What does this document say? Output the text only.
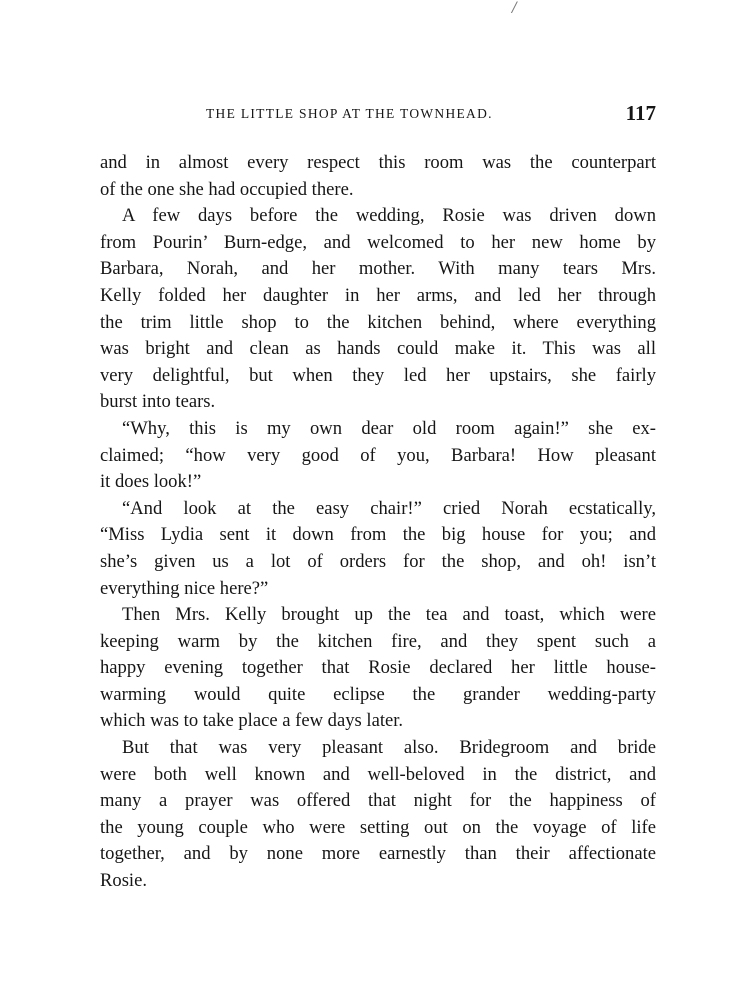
/
THE LITTLE SHOP AT THE TOWNHEAD.	117
and in almost every respect this room was the counterpart
of the one she had occupied there.
A few days before the wedding, Rosie was driven down
from Pourin’ Burn-edge, and welcomed to her new home by
Barbara, Norah, and her mother. With many tears Mrs.
Kelly folded her daughter in her arms, and led her through
the trim little shop to the kitchen behind, where everything
was bright and clean as hands could make it. This was all
very delightful, but when they led her upstairs, she fairly
burst into tears.
“Why, this is my own dear old room again!” she ex-
claimed; “how very good of you, Barbara! How pleasant
it does look!”
“And look at the easy chair!” cried Norah ecstatically,
“Miss Lydia sent it down from the big house for you; and
she’s given us a lot of orders for the shop, and oh! isn’t
everything nice here?”
Then Mrs. Kelly brought up the tea and toast, which were
keeping warm by the kitchen fire, and they spent such a
happy evening together that Rosie declared her little house-
warming would quite eclipse the grander wedding-party
which was to take place a few days later.
But that was very pleasant also. Bridegroom and bride
were both well known and well-beloved in the district, and
many a prayer was offered that night for the happiness of
the young couple who were setting out on the voyage of life
together, and by none more earnestly than their affectionate
Rosie.
